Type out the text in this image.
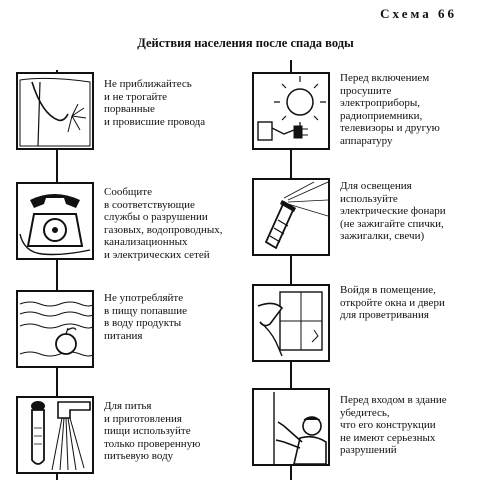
Схема 66
Действия населения после спада воды
Не приближайтесь
и не трогайте
порванные
и провисшие провода
Сообщите
в соответствующие
службы о разрушении
газовых, водопроводных,
канализационных
и электрических сетей
Не употребляйте
в пищу попавшие
в воду продукты
питания
Для питья
и приготовления
пищи используйте
только проверенную
питьевую воду
Перед включением
просушите
электроприборы,
радиоприемники,
телевизоры и другую
аппаратуру
Для освещения
используйте
электрические фонари
(не зажигайте спички,
зажигалки, свечи)
Войдя в помещение,
откройте окна и двери
для проветривания
Перед входом в здание
убедитесь,
что его конструкции
не имеют серьезных
разрушений
